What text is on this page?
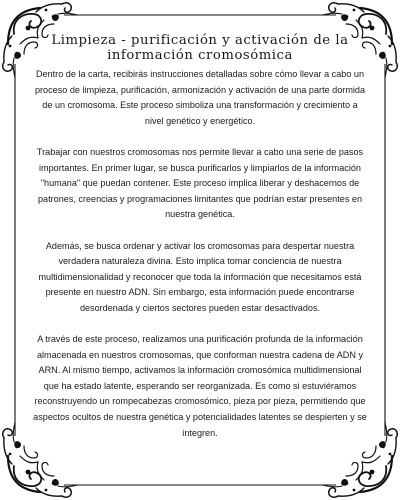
Limpieza - purificación y activación de la
información cromosómica

Dentro de la carta, recibirás instrucciones detalladas sobre cómo llevar a cabo un proceso de limpieza, purificación, armonización y activación de una parte dormida de un cromosoma. Este proceso simboliza una transformación y crecimiento a nivel genético y energético.

Trabajar con nuestros cromosomas nos permite llevar a cabo una serie de pasos importantes. En primer lugar, se busca purificarlos y limpiarlos de la información "humana" que puedan contener. Este proceso implica liberar y deshacernos de patrones, creencias y programaciones limitantes que podrían estar presentes en nuestra genética.

Además, se busca ordenar y activar los cromosomas para despertar nuestra verdadera naturaleza divina. Esto implica tomar conciencia de nuestra multidimensionalidad y reconocer que toda la información que necesitamos está presente en nuestro ADN. Sin embargo, esta información puede encontrarse desordenada y ciertos sectores pueden estar desactivados.

A través de este proceso, realizamos una purificación profunda de la información almacenada en nuestros cromosomas, que conforman nuestra cadena de ADN y ARN. Al mismo tiempo, activamos la información cromosómica multidimensional que ha estado latente, esperando ser reorganizada. Es como si estuviéramos reconstruyendo un rompecabezas cromosómico, pieza por pieza, permitiendo que aspectos ocultos de nuestra genética y potencialidades latentes se despierten y se integren.
